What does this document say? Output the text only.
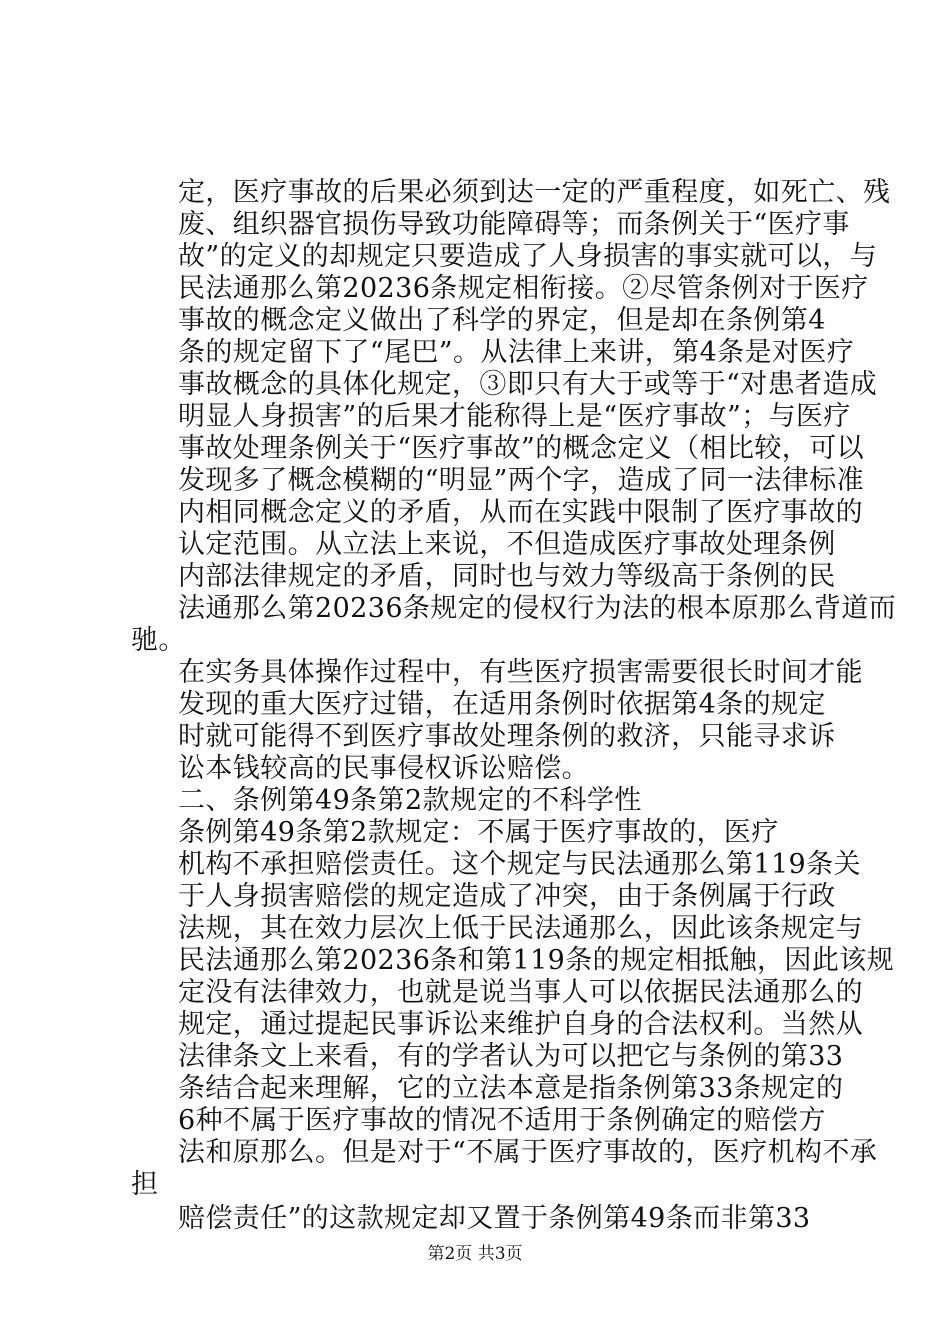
定，医疗事故的后果必须到达一定的严重程度，如死亡、残
废、组织器官损伤导致功能障碍等；而条例关于“医疗事
故”的定义的却规定只要造成了人身损害的事实就可以，与
民法通那么第20236条规定相衔接。②尽管条例对于医疗
事故的概念定义做出了科学的界定，但是却在条例第4
条的规定留下了“尾巴”。从法律上来讲，第4条是对医疗
事故概念的具体化规定，③即只有大于或等于“对患者造成
明显人身损害”的后果才能称得上是“医疗事故”；与医疗
事故处理条例关于“医疗事故”的概念定义（相比较，可以
发现多了概念模糊的“明显”两个字，造成了同一法律标准
内相同概念定义的矛盾，从而在实践中限制了医疗事故的
认定范围。从立法上来说，不但造成医疗事故处理条例
内部法律规定的矛盾，同时也与效力等级高于条例的民
法通那么第20236条规定的侵权行为法的根本原那么背道而
驰。
在实务具体操作过程中，有些医疗损害需要很长时间才能
发现的重大医疗过错，在适用条例时依据第4条的规定
时就可能得不到医疗事故处理条例的救济，只能寻求诉
讼本钱较高的民事侵权诉讼赔偿。
二、条例第49条第2款规定的不科学性
条例第49条第2款规定：不属于医疗事故的，医疗
机构不承担赔偿责任。这个规定与民法通那么第119条关
于人身损害赔偿的规定造成了冲突，由于条例属于行政
法规，其在效力层次上低于民法通那么，因此该条规定与
民法通那么第20236条和第119条的规定相抵触，因此该规
定没有法律效力，也就是说当事人可以依据民法通那么的
规定，通过提起民事诉讼来维护自身的合法权利。当然从
法律条文上来看，有的学者认为可以把它与条例的第33
条结合起来理解，它的立法本意是指条例第33条规定的
6种不属于医疗事故的情况不适用于条例确定的赔偿方
法和原那么。但是对于“不属于医疗事故的，医疗机构不承
担
赔偿责任”的这款规定却又置于条例第49条而非第33
第2页 共3页
